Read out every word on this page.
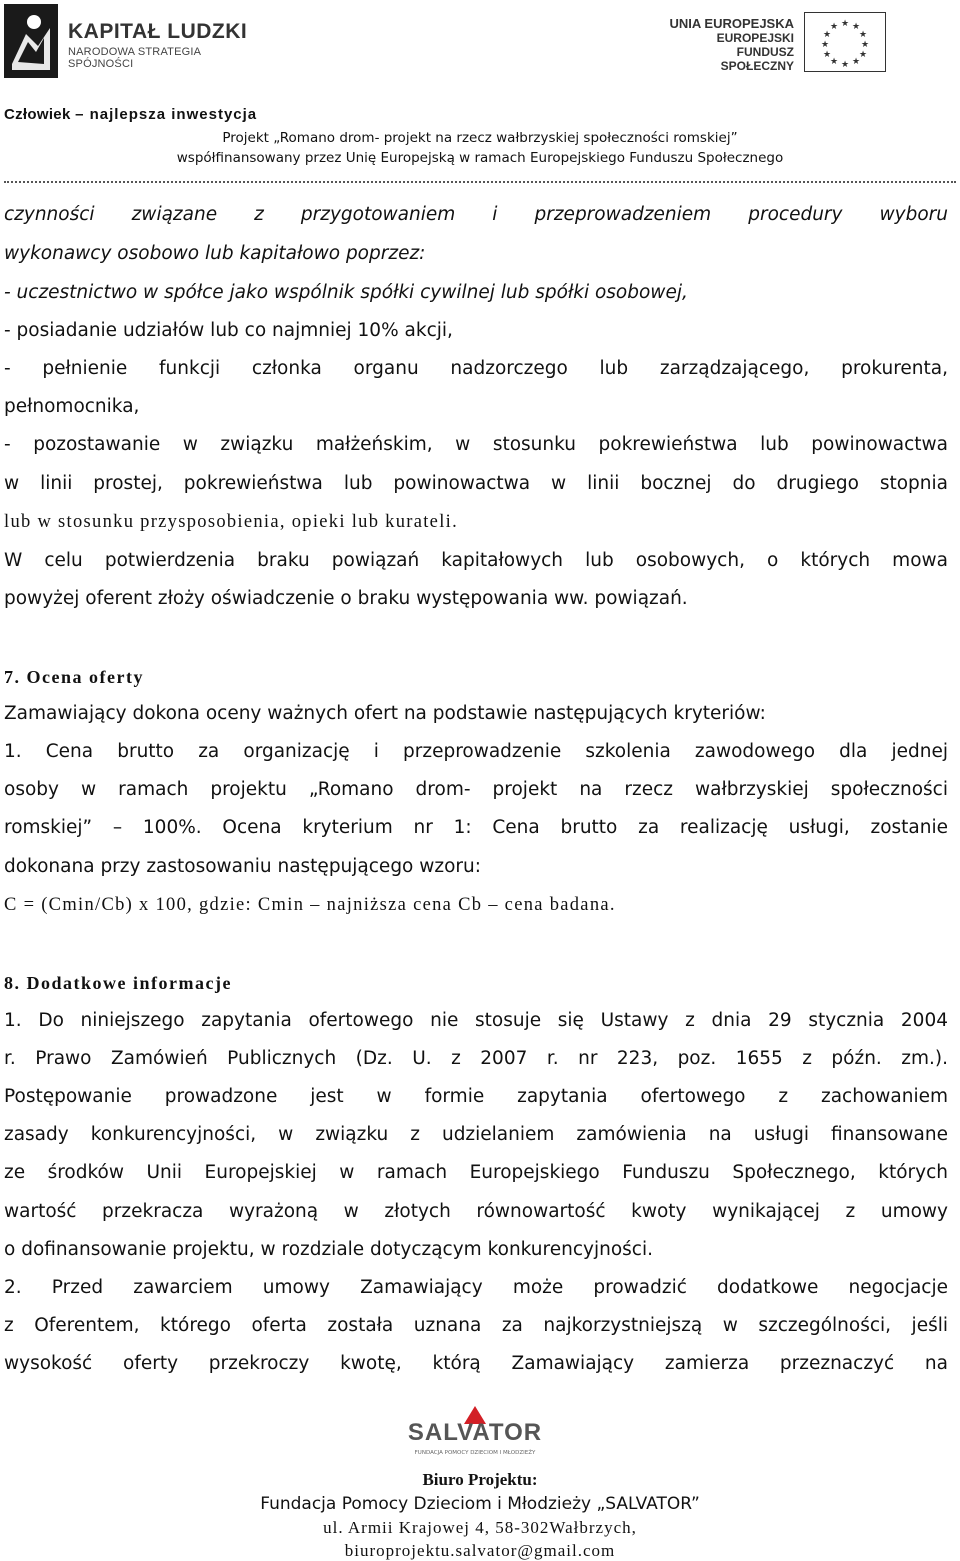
KAPITAŁ LUDZKI
NARODOWA STRATEGIA SPÓJNOŚCI
UNIA EUROPEJSKA
EUROPEJSKI
FUNDUSZ SPOŁECZNY
★ ★
★
★
★
★
★
★
★
★
★
★
Człowiek – najlepsza inwestycja
Projekt „Romano drom- projekt na rzecz wałbrzyskiej społeczności romskiej”
współfinansowany przez Unię Europejską w ramach Europejskiego Funduszu Społecznego
czynności związane z przygotowaniem i przeprowadzeniem procedury wyboru
wykonawcy osobowo lub kapitałowo poprzez:
- uczestnictwo w spółce jako wspólnik spółki cywilnej lub spółki osobowej,
- posiadanie udziałów lub co najmniej 10% akcji,
- pełnienie funkcji członka organu nadzorczego lub zarządzającego, prokurenta,
pełnomocnika,
- pozostawanie w związku małżeńskim, w stosunku pokrewieństwa lub powinowactwa
w linii prostej, pokrewieństwa lub powinowactwa w linii bocznej do drugiego stopnia
lub w stosunku przysposobienia, opieki lub kurateli.
W celu potwierdzenia braku powiązań kapitałowych lub osobowych, o których mowa
powyżej oferent złoży oświadczenie o braku występowania ww. powiązań.
7. Ocena oferty
Zamawiający dokona oceny ważnych ofert na podstawie następujących kryteriów:
1. Cena brutto za organizację i przeprowadzenie szkolenia zawodowego dla jednej
osoby w ramach projektu „Romano drom- projekt na rzecz wałbrzyskiej społeczności
romskiej” – 100%. Ocena kryterium nr 1: Cena brutto za realizację usługi, zostanie
dokonana przy zastosowaniu następującego wzoru:
C = (Cmin/Cb) x 100, gdzie: Cmin – najniższa cena Cb – cena badana.
8. Dodatkowe informacje
1. Do niniejszego zapytania ofertowego nie stosuje się Ustawy z dnia 29 stycznia 2004
r. Prawo Zamówień Publicznych (Dz. U. z 2007 r. nr 223, poz. 1655 z późn. zm.).
Postępowanie prowadzone jest w formie zapytania ofertowego z zachowaniem
zasady konkurencyjności, w związku z udzielaniem zamówienia na usługi finansowane
ze środków Unii Europejskiej w ramach Europejskiego Funduszu Społecznego, których
wartość przekracza wyrażoną w złotych równowartość kwoty wynikającej z umowy
o dofinansowanie projektu, w rozdziale dotyczącym konkurencyjności.
2. Przed zawarciem umowy Zamawiający może prowadzić dodatkowe negocjacje
z Oferentem, którego oferta została uznana za najkorzystniejszą w szczególności, jeśli
wysokość oferty przekroczy kwotę, którą Zamawiający zamierza przeznaczyć na
SALVATOR
FUNDACJA POMOCY DZIECIOM I MŁODZIEŻY
Biuro Projektu:
Fundacja Pomocy Dzieciom i Młodzieży „SALVATOR”
ul. Armii Krajowej 4, 58-302Wałbrzych,
biuroprojektu.salvator@gmail.com
